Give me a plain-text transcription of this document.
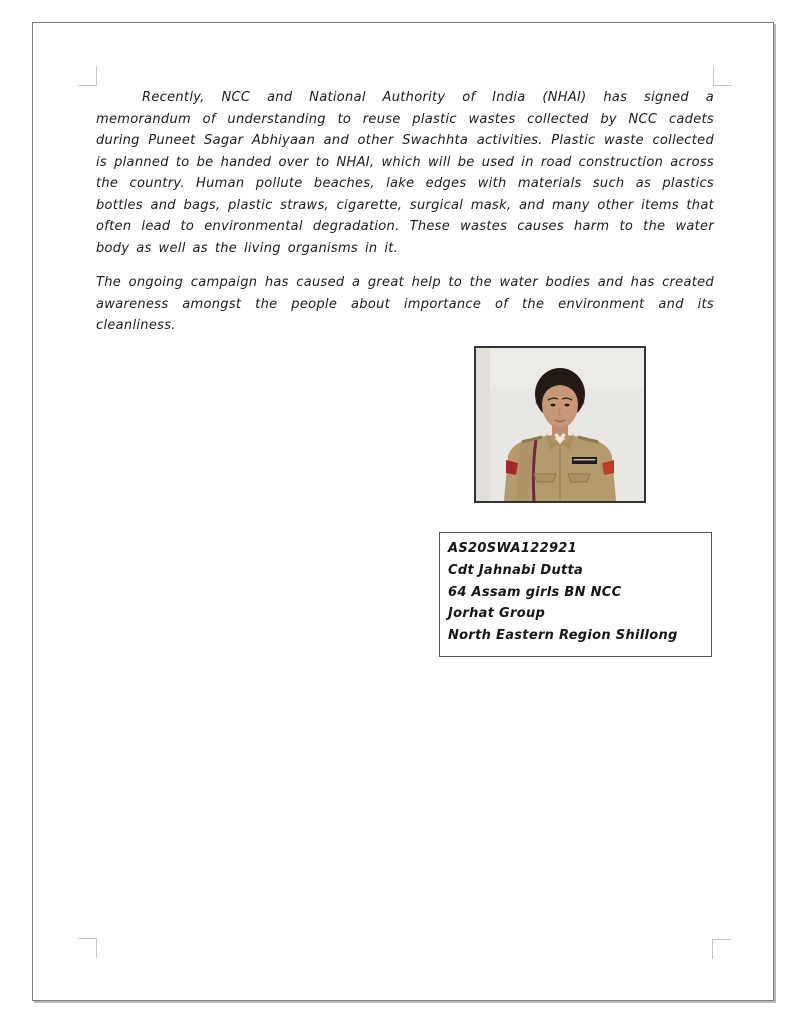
Recently, NCC and National Authority of India (NHAI) has signed a memorandum of understanding to reuse plastic wastes collected by NCC cadets during Puneet Sagar Abhiyaan and other Swachhta activities. Plastic waste collected is planned to be handed over to NHAI, which will be used in road construction across the country. Human pollute beaches, lake edges with materials such as plastics bottles and bags, plastic straws, cigarette, surgical mask, and many other items that often lead to environmental degradation. These wastes causes harm to the water body as well as the living organisms in it.

The ongoing campaign has caused a great help to the water bodies and has created awareness amongst the people about importance of the environment and its cleanliness.

AS20SWA122921
Cdt Jahnabi Dutta
64 Assam girls BN NCC
Jorhat Group
North Eastern Region Shillong
